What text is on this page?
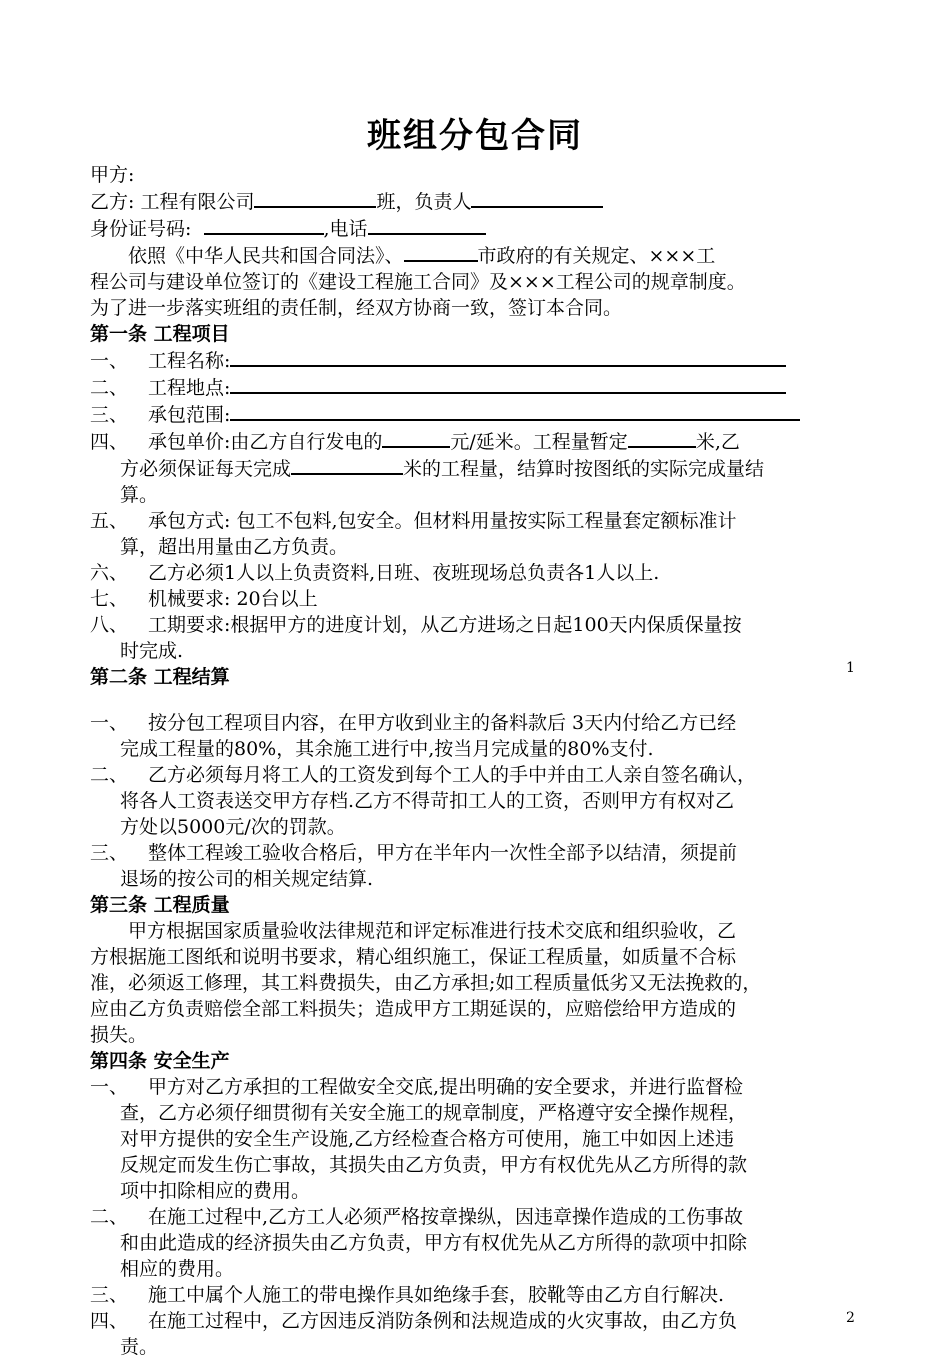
班组分包合同
甲方:
乙方: 工程有限公司	班，负责人
身份证号码:	,电话
依照《中华人民共和国合同法》、	市政府的有关规定、×××工
程公司与建设单位签订的《建设工程施工合同》及×××工程公司的规章制度。
为了进一步落实班组的责任制，经双方协商一致，签订本合同。
第一条 工程项目
一、 工程名称:
二、 工程地点:
三、 承包范围:
四、 承包单价:由乙方自行发电的	元/延米。工程量暂定	米,乙
方必须保证每天完成	米的工程量，结算时按图纸的实际完成量结
算。
五、 承包方式: 包工不包料,包安全。但材料用量按实际工程量套定额标准计
算，超出用量由乙方负责。
六、 乙方必须1人以上负责资料,日班、夜班现场总负责各1人以上.
七、 机械要求: 20台以上
八、 工期要求:根据甲方的进度计划，从乙方进场之日起100天内保质保量按
时完成.
第二条 工程结算
一、 按分包工程项目内容，在甲方收到业主的备料款后 3天内付给乙方已经
完成工程量的80%，其余施工进行中,按当月完成量的80%支付.
二、 乙方必须每月将工人的工资发到每个工人的手中并由工人亲自签名确认，
将各人工资表送交甲方存档.乙方不得苛扣工人的工资，否则甲方有权对乙
方处以5000元/次的罚款。
三、 整体工程竣工验收合格后，甲方在半年内一次性全部予以结清，须提前
退场的按公司的相关规定结算.
第三条 工程质量
甲方根据国家质量验收法律规范和评定标准进行技术交底和组织验收，乙
方根据施工图纸和说明书要求，精心组织施工，保证工程质量，如质量不合标
准，必须返工修理，其工料费损失，由乙方承担;如工程质量低劣又无法挽救的，
应由乙方负责赔偿全部工料损失；造成甲方工期延误的，应赔偿给甲方造成的
损失。
第四条 安全生产
一、 甲方对乙方承担的工程做安全交底,提出明确的安全要求，并进行监督检
查，乙方必须仔细贯彻有关安全施工的规章制度，严格遵守安全操作规程，
对甲方提供的安全生产设施,乙方经检查合格方可使用，施工中如因上述违
反规定而发生伤亡事故，其损失由乙方负责，甲方有权优先从乙方所得的款
项中扣除相应的费用。
二、 在施工过程中,乙方工人必须严格按章操纵，因违章操作造成的工伤事故
和由此造成的经济损失由乙方负责，甲方有权优先从乙方所得的款项中扣除
相应的费用。
三、 施工中属个人施工的带电操作具如绝缘手套，胶靴等由乙方自行解决.
四、 在施工过程中，乙方因违反消防条例和法规造成的火灾事故，由乙方负
责。
1
2
